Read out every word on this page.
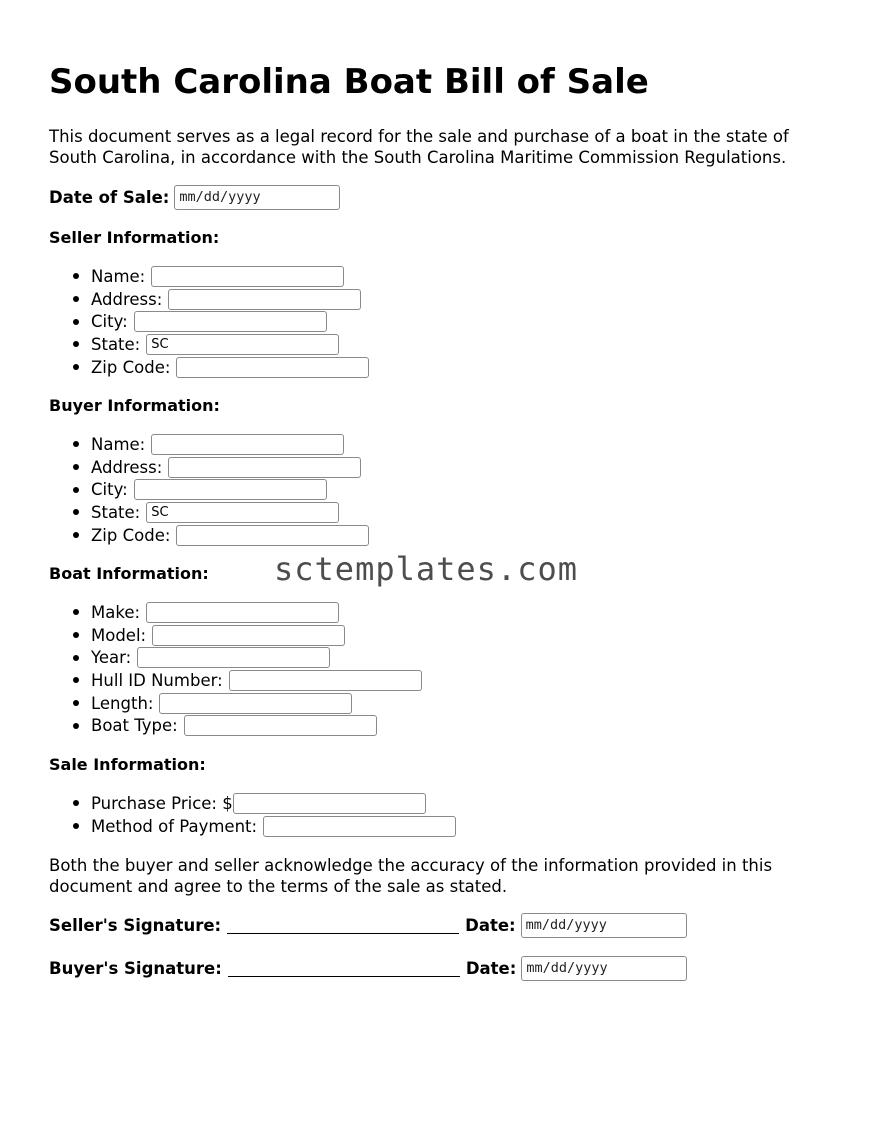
South Carolina Boat Bill of Sale

This document serves as a legal record for the sale and purchase of a boat in the state of South Carolina, in accordance with the South Carolina Maritime Commission Regulations.

Date of Sale: mm/dd/yyyy
Seller Information:
Name:
Address:
City:
State: SC
Zip Code:
Buyer Information:
Name:
Address:
City:
State: SC
Zip Code:
Boat Information:
Make:
Model:
Year:
Hull ID Number:
Length:
Boat Type:
Sale Information:
Purchase Price: $
Method of Payment:

Both the buyer and seller acknowledge the accuracy of the information provided in this document and agree to the terms of the sale as stated.

Seller's Signature:	Date: mm/dd/yyyy
Buyer's Signature:	Date: mm/dd/yyyy
sctemplates.com
